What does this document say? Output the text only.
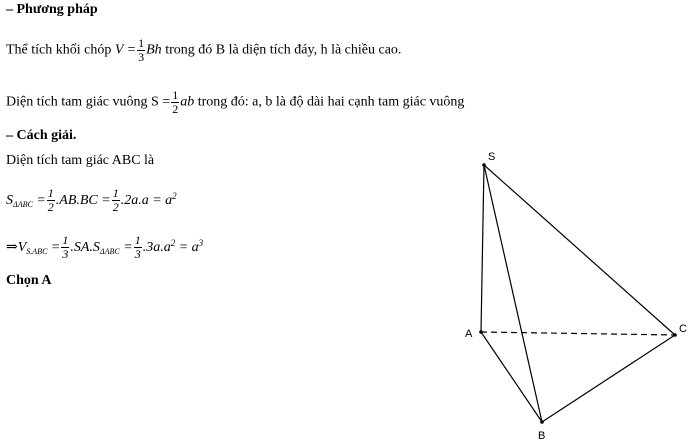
– Phương pháp
Thể tích khối chóp $V = \frac{1}{3}$ Bh trong đó B là diện tích đáy, h là chiều cao.
Diện tích tam giác vuông $S = \frac{1}{2}$ ab trong đó: a, b là độ dài hai cạnh tam giác vuông
– Cách giải.
Diện tích tam giác ABC là
$S_{\Delta ABC} = \frac{1}{2} .AB.BC = \frac{1}{2} .2a.a = a^2$
$\Rightarrow V_{S.ABC} = \frac{1}{3} .SA.S_{\Delta ABC} = \frac{1}{3} .3a.a^2 = a^3$
Chọn A
S
A
B
C
